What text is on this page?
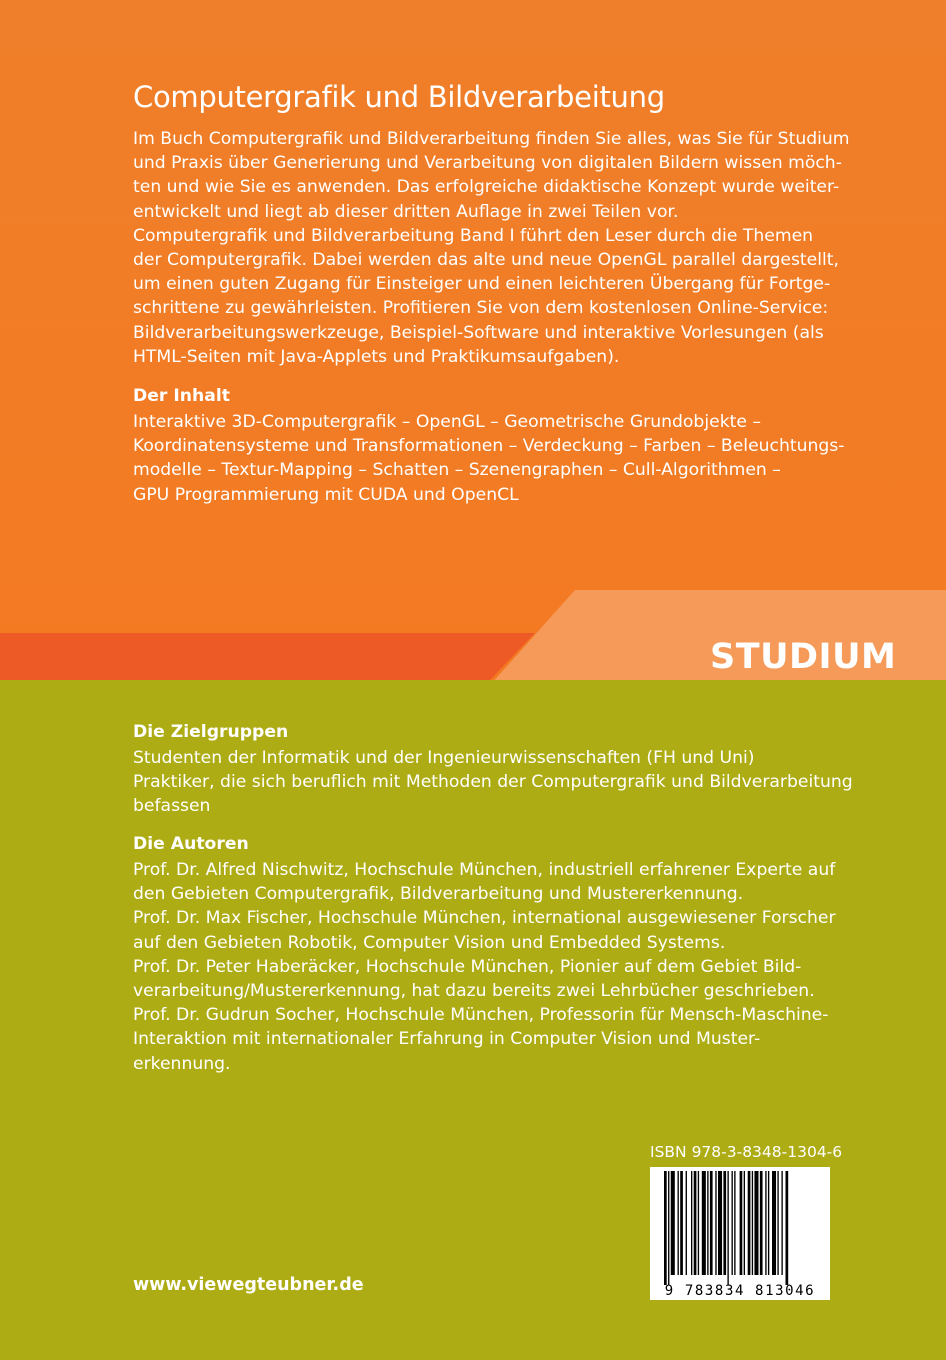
Computergrafik und Bildverarbeitung
Im Buch Computergrafik und Bildverarbeitung finden Sie alles, was Sie für Studium
und Praxis über Generierung und Verarbeitung von digitalen Bildern wissen möch-
ten und wie Sie es anwenden. Das erfolgreiche didaktische Konzept wurde weiter-
entwickelt und liegt ab dieser dritten Auflage in zwei Teilen vor.
Computergrafik und Bildverarbeitung Band I führt den Leser durch die Themen
der Computergrafik. Dabei werden das alte und neue OpenGL parallel dargestellt,
um einen guten Zugang für Einsteiger und einen leichteren Übergang für Fortge-
schrittene zu gewährleisten. Profitieren Sie von dem kostenlosen Online-Service:
Bildverarbeitungswerkzeuge, Beispiel-Software und interaktive Vorlesungen (als
HTML-Seiten mit Java-Applets und Praktikumsaufgaben).
Der Inhalt
Interaktive 3D-Computergrafik – OpenGL – Geometrische Grundobjekte –
Koordinatensysteme und Transformationen – Verdeckung – Farben – Beleuchtungs-
modelle – Textur-Mapping – Schatten – Szenengraphen – Cull-Algorithmen –
GPU Programmierung mit CUDA und OpenCL
STUDIUM
Die Zielgruppen
Studenten der Informatik und der Ingenieurwissenschaften (FH und Uni)
Praktiker, die sich beruflich mit Methoden der Computergrafik und Bildverarbeitung
befassen
Die Autoren
Prof. Dr. Alfred Nischwitz, Hochschule München, industriell erfahrener Experte auf
den Gebieten Computergrafik, Bildverarbeitung und Mustererkennung.
Prof. Dr. Max Fischer, Hochschule München, international ausgewiesener Forscher
auf den Gebieten Robotik, Computer Vision und Embedded Systems.
Prof. Dr. Peter Haberäcker, Hochschule München, Pionier auf dem Gebiet Bild-
verarbeitung/Mustererkennung, hat dazu bereits zwei Lehrbücher geschrieben.
Prof. Dr. Gudrun Socher, Hochschule München, Professorin für Mensch-Maschine-
Interaktion mit internationaler Erfahrung in Computer Vision und Muster-
erkennung.
ISBN 978-3-8348-1304-6
9 783834 813046
www.viewegteubner.de
